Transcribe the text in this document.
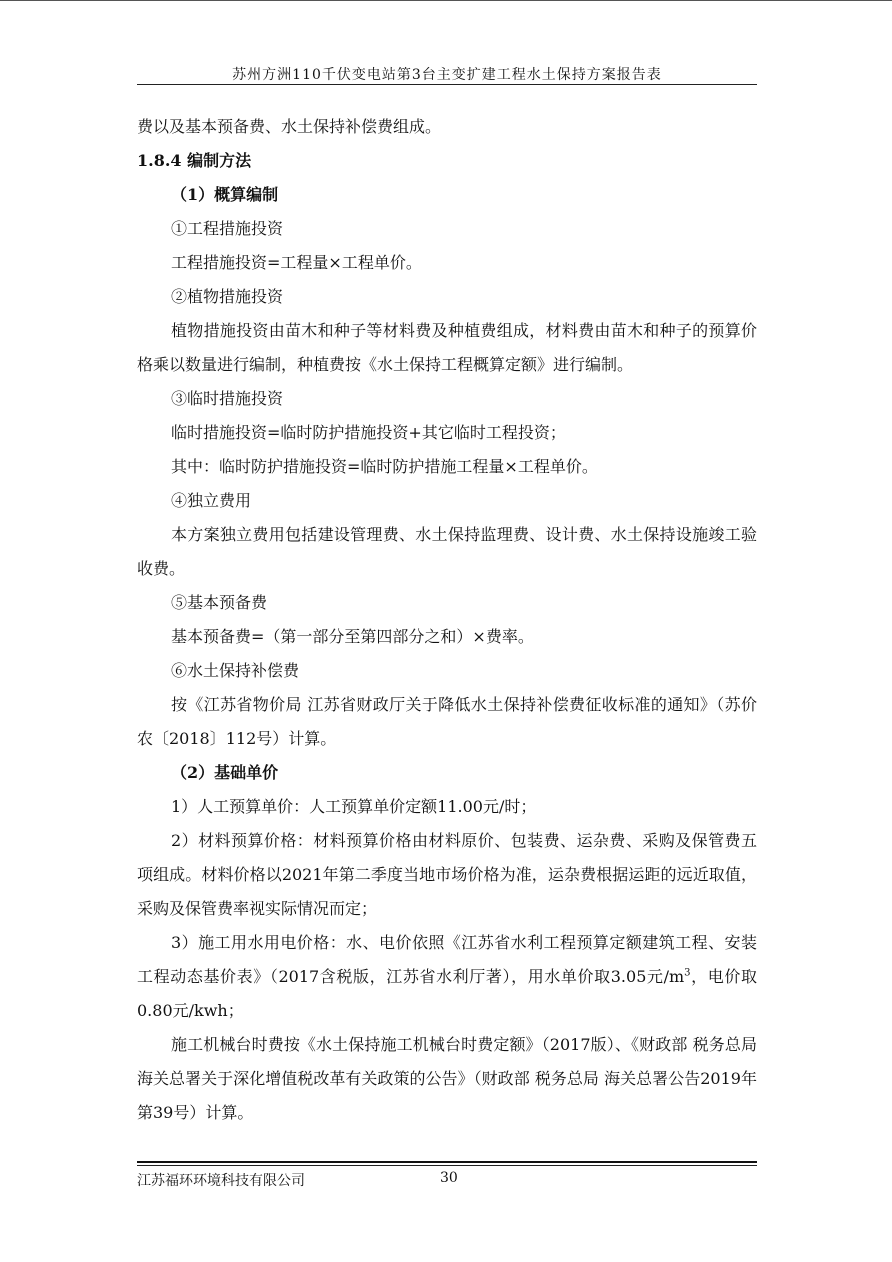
苏州方洲110千伏变电站第3台主变扩建工程水土保持方案报告表

费以及基本预备费、水土保持补偿费组成。

1.8.4 编制方法

（1）概算编制

①工程措施投资

工程措施投资=工程量×工程单价。

②植物措施投资

植物措施投资由苗木和种子等材料费及种植费组成，材料费由苗木和种子的预算价格乘以数量进行编制，种植费按《水土保持工程概算定额》进行编制。

③临时措施投资

临时措施投资=临时防护措施投资+其它临时工程投资；

其中：临时防护措施投资=临时防护措施工程量×工程单价。

④独立费用

本方案独立费用包括建设管理费、水土保持监理费、设计费、水土保持设施竣工验收费。

⑤基本预备费

基本预备费=（第一部分至第四部分之和）×费率。

⑥水土保持补偿费

按《江苏省物价局 江苏省财政厅关于降低水土保持补偿费征收标准的通知》（苏价农〔2018〕112号）计算。

（2）基础单价

1）人工预算单价：人工预算单价定额11.00元/时；

2）材料预算价格：材料预算价格由材料原价、包装费、运杂费、采购及保管费五项组成。材料价格以2021年第二季度当地市场价格为准，运杂费根据运距的远近取值，采购及保管费率视实际情况而定；

3）施工用水用电价格：水、电价依照《江苏省水利工程预算定额建筑工程、安装工程动态基价表》（2017含税版，江苏省水利厅著），用水单价取3.05元$/m^3$，电价取0.80元/kwh；

施工机械台时费按《水土保持施工机械台时费定额》（2017版）、《财政部 税务总局 海关总署关于深化增值税改革有关政策的公告》（财政部 税务总局 海关总署公告2019年第39号）计算。

江苏福环环境科技有限公司	30
